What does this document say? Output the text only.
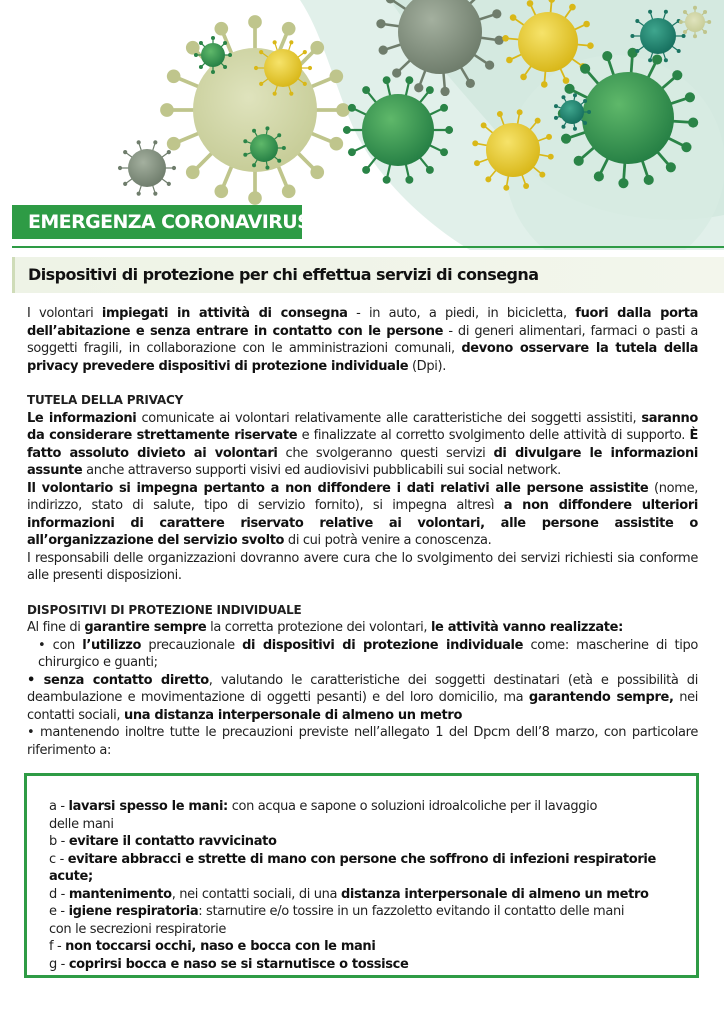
EMERGENZA CORONAVIRUS
Dispositivi di protezione per chi effettua servizi di consegna

I volontari impiegati in attività di consegna - in auto, a piedi, in bicicletta, fuori dalla porta dell’abitazione e senza entrare in contatto con le persone - di generi alimentari, farmaci o pasti a soggetti fragili, in collaborazione con le amministrazioni comunali, devono osservare la tutela della privacy prevedere dispositivi di protezione individuale (Dpi).

TUTELA DELLA PRIVACY

Le informazioni comunicate ai volontari relativamente alle caratteristiche dei soggetti assistiti, saranno da considerare strettamente riservate e finalizzate al corretto svolgimento delle attività di supporto. È fatto assoluto divieto ai volontari che svolgeranno questi servizi di divulgare le informazioni assunte anche attraverso supporti visivi ed audiovisivi pubblicabili sui social network.

Il volontario si impegna pertanto a non diffondere i dati relativi alle persone assistite (nome, indirizzo, stato di salute, tipo di servizio fornito), si impegna altresì a non diffondere ulteriori informazioni di carattere riservato relative ai volontari, alle persone assistite o all’organizzazione del servizio svolto di cui potrà venire a conoscenza.

I responsabili delle organizzazioni dovranno avere cura che lo svolgimento dei servizi richiesti sia conforme alle presenti disposizioni.

DISPOSITIVI DI PROTEZIONE INDIVIDUALE

Al fine di garantire sempre la corretta protezione dei volontari, le attività vanno realizzate:

• con l’utilizzo precauzionale di dispositivi di protezione individuale come: mascherine di tipo chirurgico e guanti;

• senza contatto diretto, valutando le caratteristiche dei soggetti destinatari (età e possibilità di deambulazione e movimentazione di oggetti pesanti) e del loro domicilio, ma garantendo sempre, nei contatti sociali, una distanza interpersonale di almeno un metro

• mantenendo inoltre tutte le precauzioni previste nell’allegato 1 del Dpcm dell’8 marzo, con particolare riferimento a:

a - lavarsi spesso le mani: con acqua e sapone o soluzioni idroalcoliche per il lavaggio
delle mani
b - evitare il contatto ravvicinato
c - evitare abbracci e strette di mano con persone che soffrono di infezioni respiratorie acute;
d - mantenimento, nei contatti sociali, di una distanza interpersonale di almeno un metro
e - igiene respiratoria: starnutire e/o tossire in un fazzoletto evitando il contatto delle mani
con le secrezioni respiratorie
f - non toccarsi occhi, naso e bocca con le mani
g - coprirsi bocca e naso se si starnutisce o tossisce
